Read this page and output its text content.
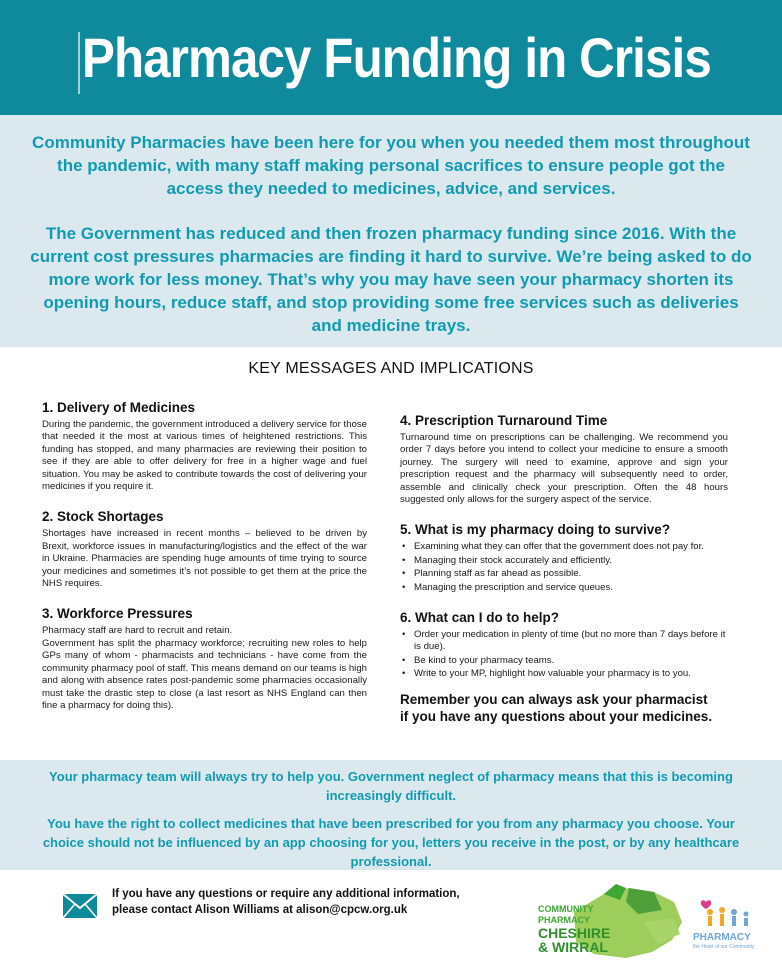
Pharmacy Funding in Crisis

Community Pharmacies have been here for you when you needed them most throughout the pandemic, with many staff making personal sacrifices to ensure people got the access they needed to medicines, advice, and services.

The Government has reduced and then frozen pharmacy funding since 2016. With the current cost pressures pharmacies are finding it hard to survive. We’re being asked to do more work for less money. That’s why you may have seen your pharmacy shorten its opening hours, reduce staff, and stop providing some free services such as deliveries and medicine trays.

KEY MESSAGES AND IMPLICATIONS
1. Delivery of Medicines
During the pandemic, the government introduced a delivery service for those that needed it the most at various times of heightened restrictions. This funding has stopped, and many pharmacies are reviewing their position to see if they are able to offer delivery for free in a higher wage and fuel situation. You may be asked to contribute towards the cost of delivering your medicines if you require it.
2. Stock Shortages
Shortages have increased in recent months – believed to be driven by Brexit, workforce issues in manufacturing/logistics and the effect of the war in Ukraine. Pharmacies are spending huge amounts of time trying to source your medicines and sometimes it’s not possible to get them at the price the NHS requires.
3. Workforce Pressures
Pharmacy staff are hard to recruit and retain.
Government has split the pharmacy workforce; recruiting new roles to help GPs many of whom - pharmacists and technicians - have come from the community pharmacy pool of staff. This means demand on our teams is high and along with absence rates post-pandemic some pharmacies occasionally must take the drastic step to close (a last resort as NHS England can then fine a pharmacy for doing this).
4. Prescription Turnaround Time
Turnaround time on prescriptions can be challenging. We recommend you order 7 days before you intend to collect your medicine to ensure a smooth journey. The surgery will need to examine, approve and sign your prescription request and the pharmacy will subsequently need to order, assemble and clinically check your prescription. Often the 48 hours suggested only allows for the surgery aspect of the service.
5. What is my pharmacy doing to survive?
• Examining what they can offer that the government does not pay for.
• Managing their stock accurately and efficiently.
• Planning staff as far ahead as possible.
• Managing the prescription and service queues.
6. What can I do to help?
• Order your medication in plenty of time (but no more than 7 days before it is due).
• Be kind to your pharmacy teams.
• Write to your MP, highlight how valuable your pharmacy is to you.
Remember you can always ask your pharmacist
if you have any questions about your medicines.

Your pharmacy team will always try to help you. Government neglect of pharmacy means that this is becoming increasingly difficult.

You have the right to collect medicines that have been prescribed for you from any pharmacy you choose. Your choice should not be influenced by an app choosing for you, letters you receive in the post, or by any healthcare professional.

If you have any questions or require any additional information, please contact Alison Williams at alison@cpcw.org.uk	COMMUNITY
PHARMACY
CHESHIRE
& WIRRAL
PHARMACY
the Heart of our Community
